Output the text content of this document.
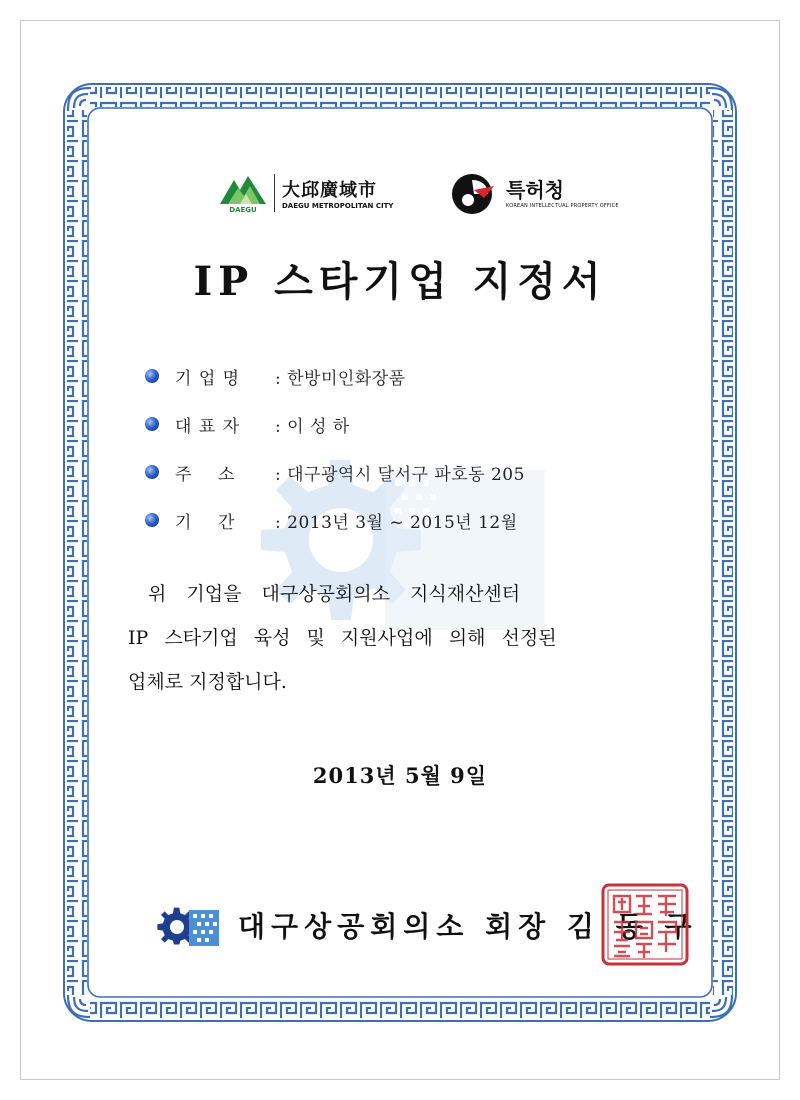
DAEGU
大邱廣域市
DAEGU METROPOLITAN CITY
특허청
KOREAN INTELLECTUAL PROPERTY OFFICE
IP 스타기업 지정서
기 업 명	: 한방미인화장품
대 표 자	: 이 성 하
주    소	: 대구광역시 달서구 파호동 205
기    간	: 2013년 3월 ~ 2015년 12월
위 기업을 대구상공회의소 지식재산센터
IP 스타기업 육성 및 지원사업에 의해 선정된
업체로 지정합니다.
2013년 5월 9일
대구상공회의소 회장 김 동 구
